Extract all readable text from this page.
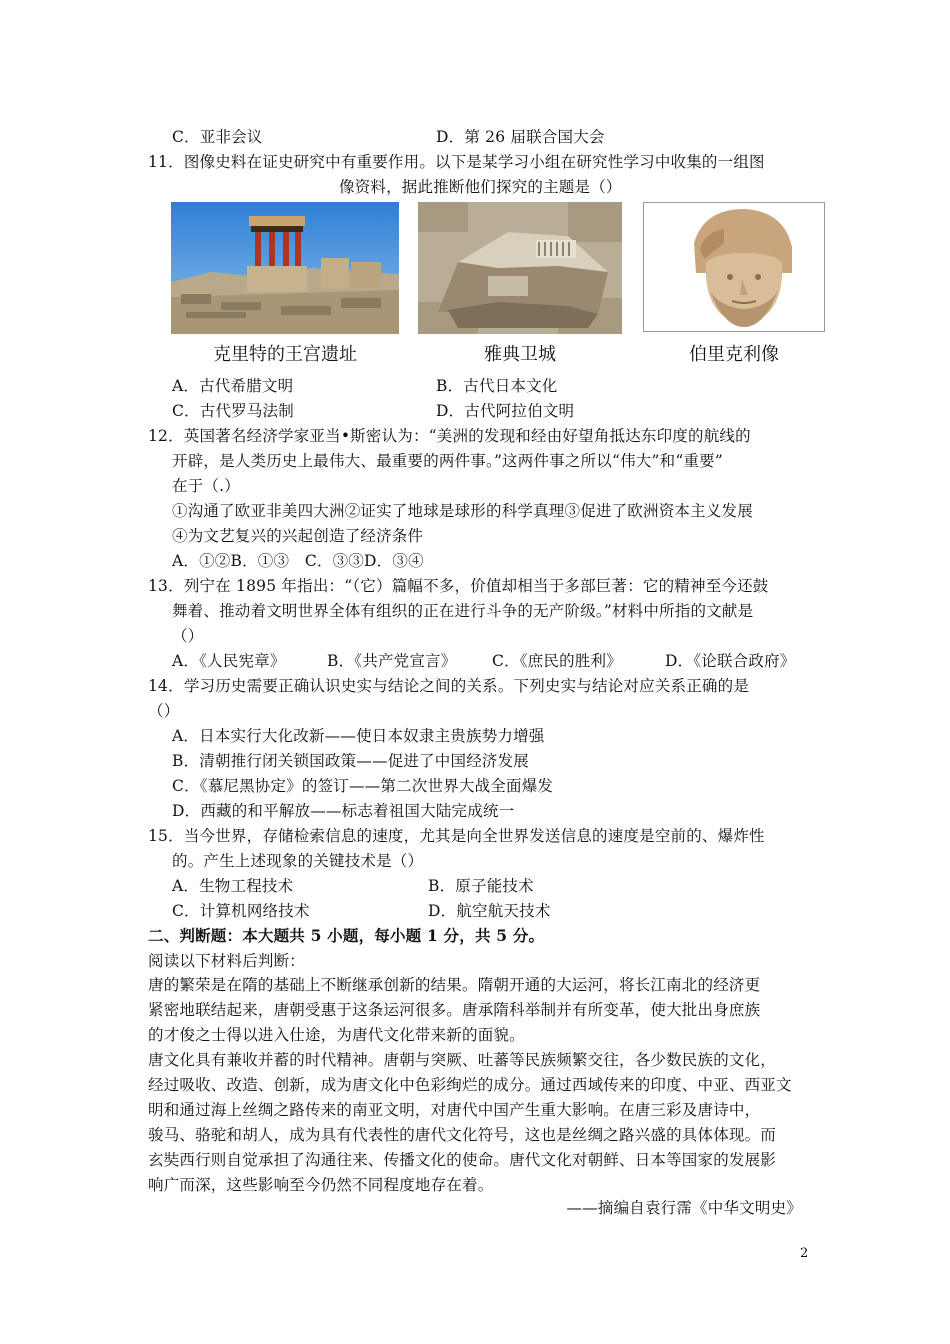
C．亚非会议	D．第 26 届联合国大会
11．图像史料在证史研究中有重要作用。以下是某学习小组在研究性学习中收集的一组图
像资料，据此推断他们探究的主题是（）
克里特的王宫遗址	雅典卫城	伯里克利像
A．古代希腊文明	B．古代日本文化
C．古代罗马法制	D．古代阿拉伯文明
12．英国著名经济学家亚当•斯密认为：“美洲的发现和经由好望角抵达东印度的航线的
开辟，是人类历史上最伟大、最重要的两件事。”这两件事之所以“伟大”和“重要”
在于（.）
①沟通了欧亚非美四大洲②证实了地球是球形的科学真理③促进了欧洲资本主义发展
④为文艺复兴的兴起创造了经济条件
A．①②B．①③　C．③③D．③④
13．列宁在 1895 年指出：“（它）篇幅不多，价值却相当于多部巨著：它的精神至今还鼓
舞着、推动着文明世界全体有组织的正在进行斗争的无产阶级。”材料中所指的文献是
（）
A．《人民宪章》	B．《共产党宣言》 C．《庶民的胜利》	D．《论联合政府》
14．学习历史需要正确认识史实与结论之间的关系。下列史实与结论对应关系正确的是
（）
A．日本实行大化改新——使日本奴隶主贵族势力增强
B．清朝推行闭关锁国政策——促进了中国经济发展
C．《慕尼黑协定》的签订——第二次世界大战全面爆发
D．西藏的和平解放——标志着祖国大陆完成统一
15．当今世界，存储检索信息的速度，尤其是向全世界发送信息的速度是空前的、爆炸性
的。产生上述现象的关键技术是（）
A．生物工程技术	B．原子能技术
C．计算机网络技术	D．航空航天技术
二、判断题：本大题共 5 小题，每小题 1 分，共 5 分。
阅读以下材料后判断：
唐的繁荣是在隋的基础上不断继承创新的结果。隋朝开通的大运河，将长江南北的经济更
紧密地联结起来，唐朝受惠于这条运河很多。唐承隋科举制并有所变革，使大批出身庶族
的才俊之士得以进入仕途，为唐代文化带来新的面貌。
唐文化具有兼收并蓄的时代精神。唐朝与突厥、吐蕃等民族频繁交往，各少数民族的文化，
经过吸收、改造、创新，成为唐文化中色彩绚烂的成分。通过西域传来的印度、中亚、西亚文
明和通过海上丝绸之路传来的南亚文明，对唐代中国产生重大影响。在唐三彩及唐诗中，
骏马、骆驼和胡人，成为具有代表性的唐代文化符号，这也是丝绸之路兴盛的具体体现。而
玄奘西行则自觉承担了沟通往来、传播文化的使命。唐代文化对朝鲜、日本等国家的发展影
响广而深，这些影响至今仍然不同程度地存在着。
——摘编自袁行霈《中华文明史》
2
